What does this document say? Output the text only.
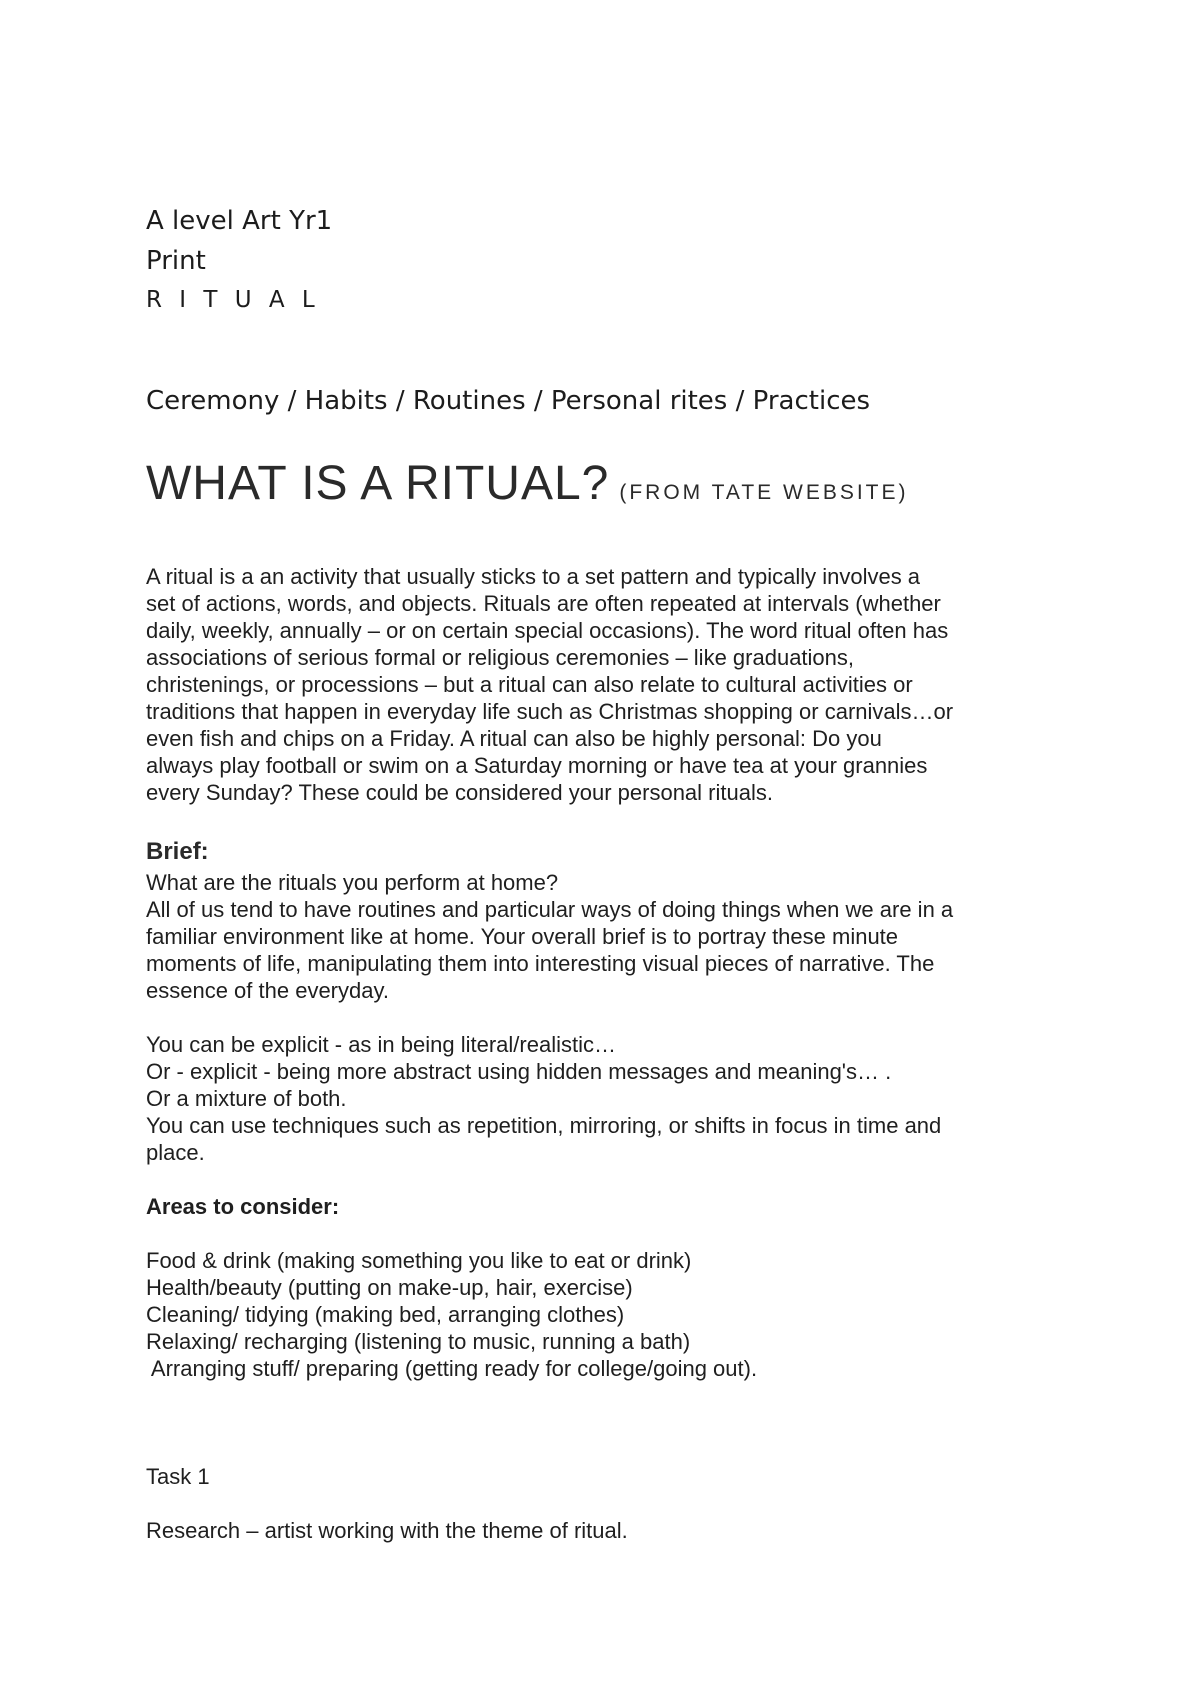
A level Art Yr1

Print

R I T U A L

Ceremony / Habits / Routines / Personal rites / Practices

WHAT IS A RITUAL? (FROM TATE WEBSITE)

A ritual is a an activity that usually sticks to a set pattern and typically involves a
set of actions, words, and objects. Rituals are often repeated at intervals (whether
daily, weekly, annually – or on certain special occasions). The word ritual often has
associations of serious formal or religious ceremonies – like graduations,
christenings, or processions – but a ritual can also relate to cultural activities or
traditions that happen in everyday life such as Christmas shopping or carnivals…or
even fish and chips on a Friday. A ritual can also be highly personal: Do you
always play football or swim on a Saturday morning or have tea at your grannies
every Sunday? These could be considered your personal rituals.

Brief:

What are the rituals you perform at home?
All of us tend to have routines and particular ways of doing things when we are in a
familiar environment like at home. Your overall brief is to portray these minute
moments of life, manipulating them into interesting visual pieces of narrative. The
essence of the everyday.
You can be explicit - as in being literal/realistic…
Or - explicit - being more abstract using hidden messages and meaning's… .
Or a mixture of both.
You can use techniques such as repetition, mirroring, or shifts in focus in time and
place.

Areas to consider:

Food & drink (making something you like to eat or drink)
Health/beauty (putting on make-up, hair, exercise)
Cleaning/ tidying (making bed, arranging clothes)
Relaxing/ recharging (listening to music, running a bath)
Arranging stuff/ preparing (getting ready for college/going out).

Task 1

Research – artist working with the theme of ritual.
